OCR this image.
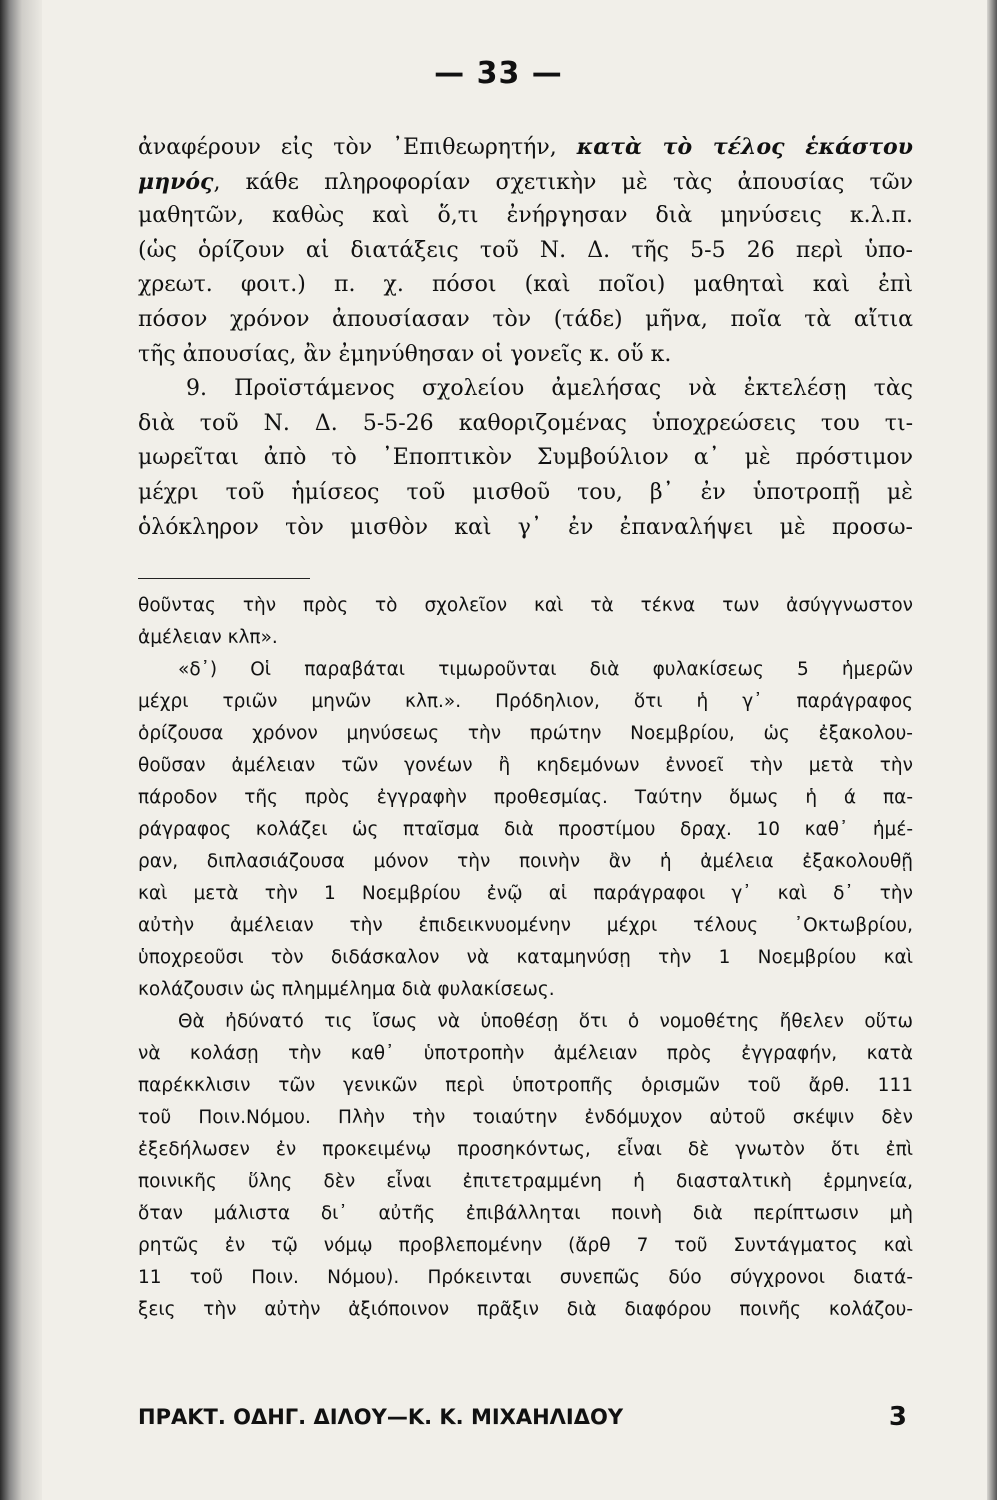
— 33 —
ἀναφέρουν εἰς τὸν ᾿Επιθεωρητήν, κατὰ τὸ τέλος ἑκάστου
μηνός, κάθε πληροφορίαν σχετικὴν μὲ τὰς ἀπουσίας τῶν
μαθητῶν, καθὼς καὶ ὅ,τι ἐνήργησαν διὰ μηνύσεις κ.λ.π.
(ὡς ὁρίζουν αἱ διατάξεις τοῦ Ν. Δ. τῆς 5-5 26 περὶ ὑπο-
χρεωτ. φοιτ.) π. χ. πόσοι (καὶ ποῖοι) μαθηταὶ καὶ ἐπὶ
πόσον χρόνον ἀπουσίασαν τὸν (τάδε) μῆνα, ποῖα τὰ αἴτια
τῆς ἀπουσίας, ἂν ἐμηνύθησαν οἱ γονεῖς κ. οὕ κ.
9. Προϊστάμενος σχολείου ἀμελήσας νὰ ἐκτελέσῃ τὰς
διὰ τοῦ Ν. Δ. 5-5-26 καθοριζομένας ὑποχρεώσεις του τι-
μωρεῖται ἀπὸ τὸ ᾿Εποπτικὸν Συμβούλιον α᾿ μὲ πρόστιμον
μέχρι τοῦ ἡμίσεος τοῦ μισθοῦ του, β᾿ ἐν ὑποτροπῇ μὲ
ὁλόκληρον τὸν μισθὸν καὶ γ᾿ ἐν ἐπαναλήψει μὲ προσω-
θοῦντας τὴν πρὸς τὸ σχολεῖον καὶ τὰ τέκνα των ἀσύγγνωστον
ἀμέλειαν κλπ».
«δ᾿) Οἱ παραβάται τιμωροῦνται διὰ φυλακίσεως 5 ἡμερῶν
μέχρι τριῶν μηνῶν κλπ.». Πρόδηλιον, ὅτι ἡ γ᾿ παράγραφος
ὁρίζουσα χρόνον μηνύσεως τὴν πρώτην Νοεμβρίου, ὡς ἐξακολου-
θοῦσαν ἀμέλειαν τῶν γονέων ἢ κηδεμόνων ἐννοεῖ τὴν μετὰ τὴν
πάροδον τῆς πρὸς ἐγγραφὴν προθεσμίας. Ταύτην ὅμως ἡ ά πα-
ράγραφος κολάζει ὡς πταῖσμα διὰ προστίμου δραχ. 10 καθ᾿ ἡμέ-
ραν, διπλασιάζουσα μόνον τὴν ποινὴν ἂν ἡ ἀμέλεια ἐξακολουθῇ
καὶ μετὰ τὴν 1 Νοεμβρίου ἐνῷ αἱ παράγραφοι γ᾿ καὶ δ᾿ τὴν
αὐτὴν ἀμέλειαν τὴν ἐπιδεικνυομένην μέχρι τέλους ᾿Οκτωβρίου,
ὑποχρεοῦσι τὸν διδάσκαλον νὰ καταμηνύσῃ τὴν 1 Νοεμβρίου καὶ
κολάζουσιν ὡς πλημμέλημα διὰ φυλακίσεως.
Θὰ ἠδύνατό τις ἴσως νὰ ὑποθέσῃ ὅτι ὁ νομοθέτης ἤθελεν οὕτω
νὰ κολάσῃ τὴν καθ᾿ ὑποτροπὴν ἀμέλειαν πρὸς ἐγγραφήν, κατὰ
παρέκκλισιν τῶν γενικῶν περὶ ὑποτροπῆς ὁρισμῶν τοῦ ἄρθ. 111
τοῦ Ποιν.Νόμου. Πλὴν τὴν τοιαύτην ἐνδόμυχον αὐτοῦ σκέψιν δὲν
ἐξεδήλωσεν ἐν προκειμένῳ προσηκόντως, εἶναι δὲ γνωτὸν ὅτι ἐπὶ
ποινικῆς ὕλης δὲν εἶναι ἐπιτετραμμένη ἡ διασταλτικὴ ἑρμηνεία,
ὅταν μάλιστα δι᾿ αὐτῆς ἐπιβάλληται ποινὴ διὰ περίπτωσιν μὴ
ρητῶς ἐν τῷ νόμῳ προβλεπομένην (ἄρθ 7 τοῦ Συντάγματος καὶ
11 τοῦ Ποιν. Νόμου). Πρόκεινται συνεπῶς δύο σύγχρονοι διατά-
ξεις τὴν αὐτὴν ἀξιόποινον πρᾶξιν διὰ διαφόρου ποινῆς κολάζου-
ΠΡΑΚΤ. ΟΔΗΓ. ΔΙΛΟΥ—Κ. Κ. ΜΙΧΑΗΛΙΔΟΥ	3
